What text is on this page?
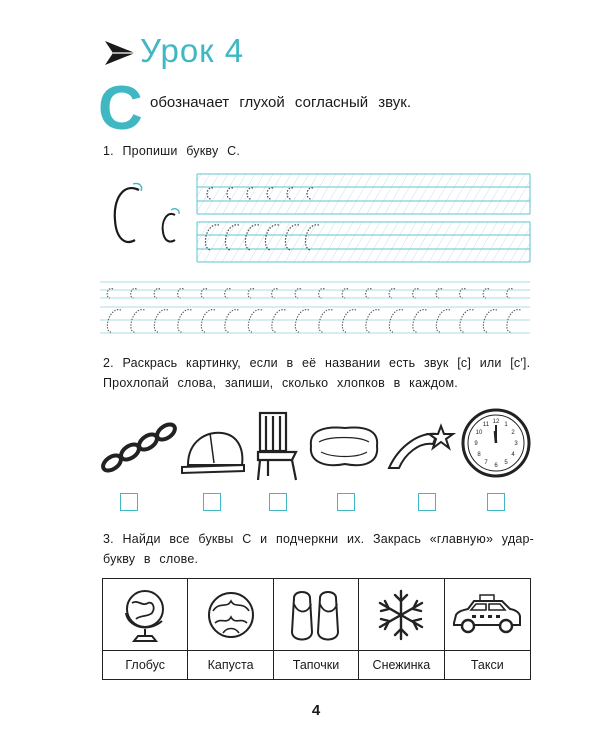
Урок 4
С обозначает глухой согласный звук.
1. Пропиши букву С.
2. Раскрась картинку, если в её названии есть звук [с] или [с′].
Прохлопай слова, запиши, сколько хлопков в каждом.
12 1
2
3
4
5
6
7
8
9
10
11
3. Найди все буквы С и подчеркни их. Закрась «главную» удар-
букву в слове.
Глобус	Капуста	Тапочки	Снежинка	Такси
4
